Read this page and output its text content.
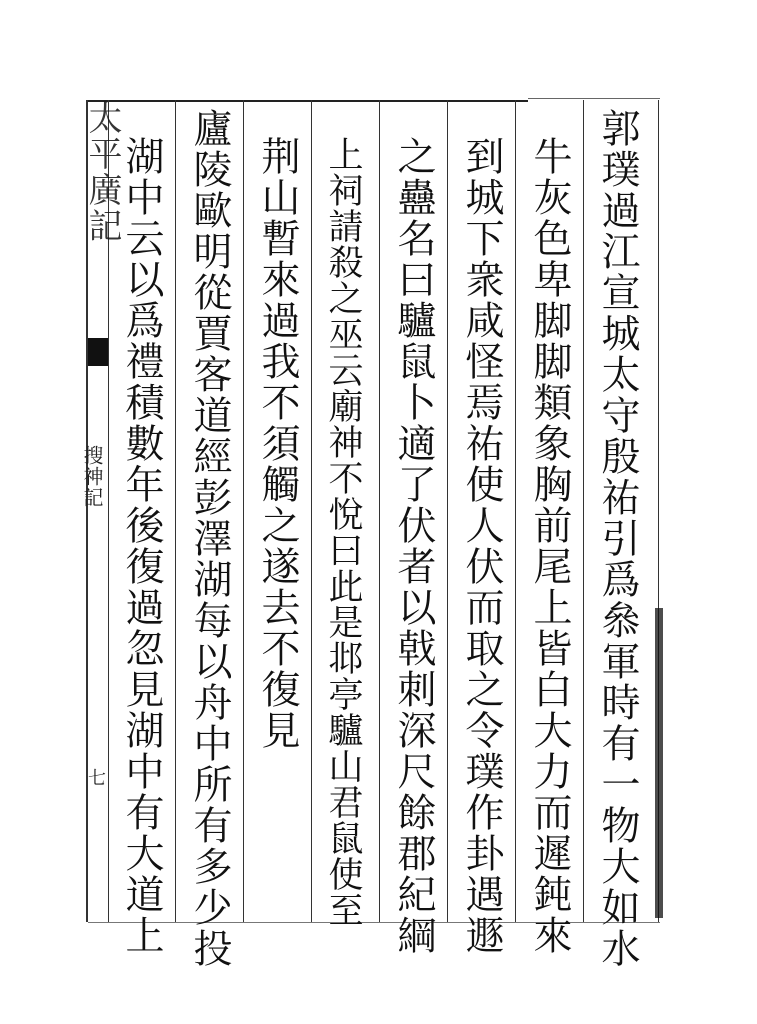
太平廣記
搜神記
七	郭璞過江宣城太守殷祐引爲叅軍時有一物大如水
牛灰色卑脚脚類象胸前尾上皆白大力而遲鈍來
到城下衆咸怪焉祐使人伏而取之令璞作卦遇遯
之蠱名曰驢鼠卜適了伏者以戟刺深尺餘郡紀綱
上祠請殺之巫云廟神不悅曰此是邶亭驢山君鼠使至
荆山暫來過我不須觸之遂去不復見
廬陵歐明從賈客道經彭澤湖每以舟中所有多少投
湖中云以爲禮積數年後復過忽見湖中有大道上
